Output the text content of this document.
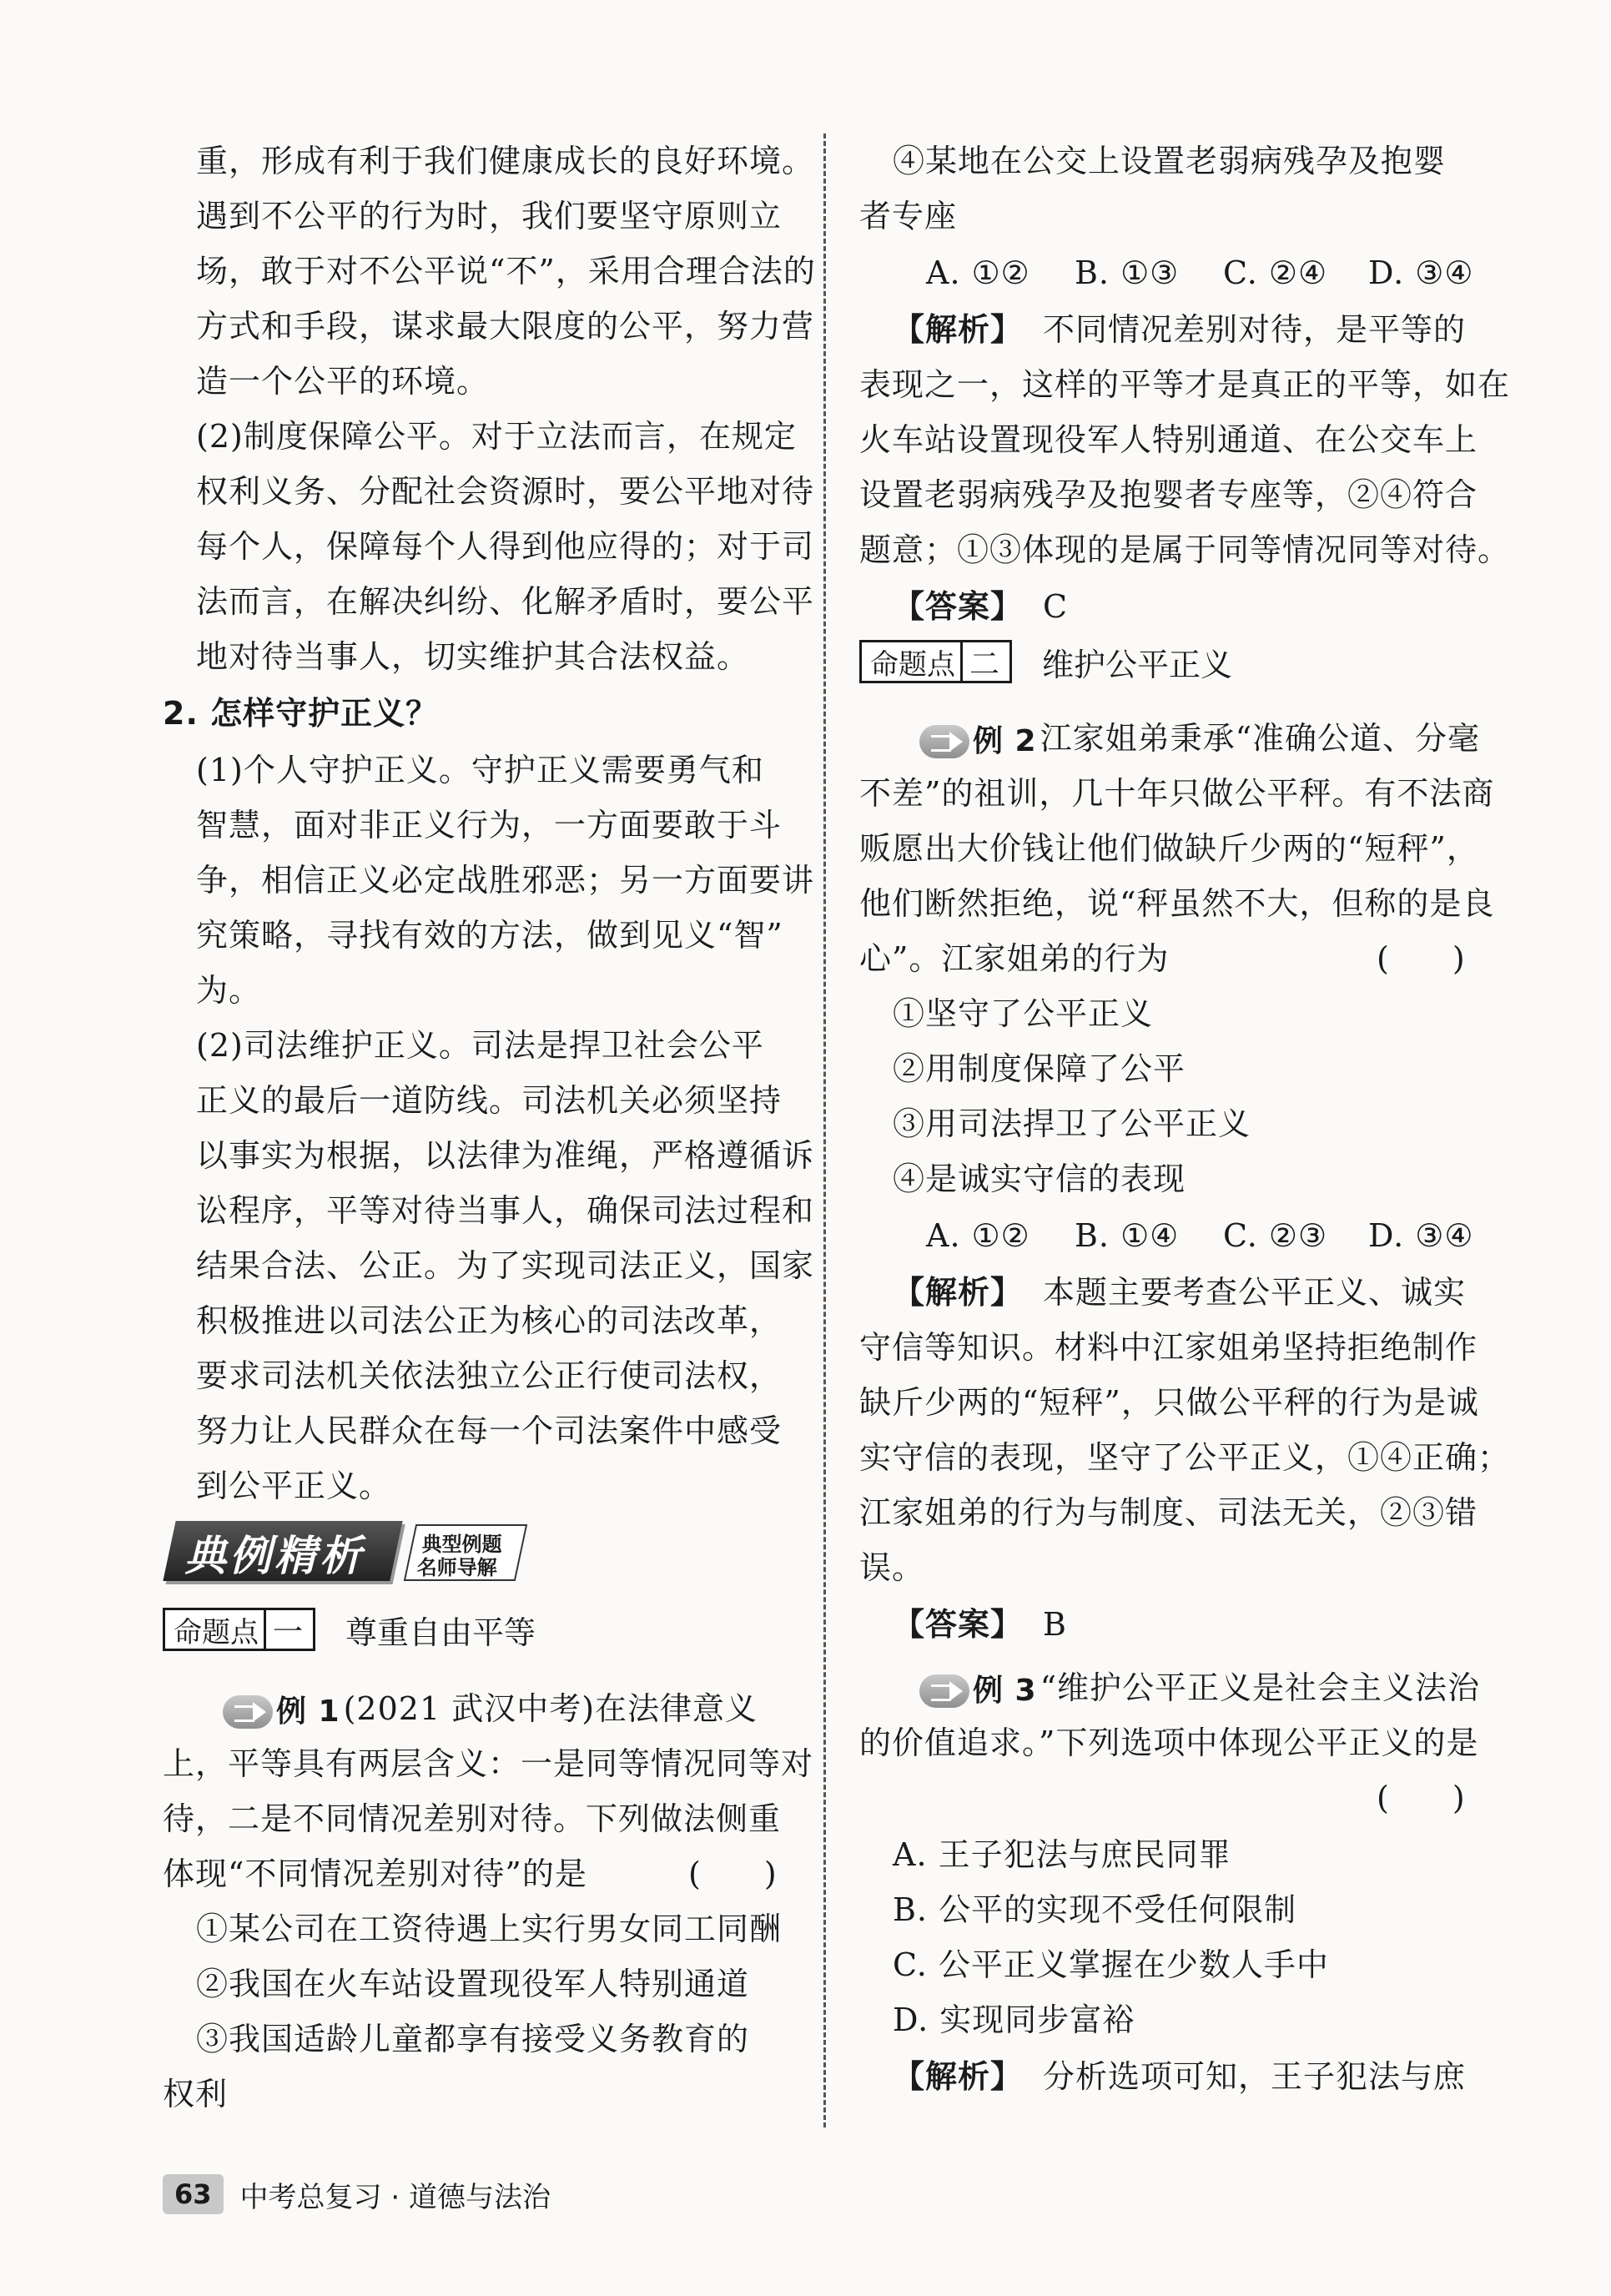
重，形成有利于我们健康成长的良好环境。
遇到不公平的行为时，我们要坚守原则立
场，敢于对不公平说“不”，采用合理合法的
方式和手段，谋求最大限度的公平，努力营
造一个公平的环境。
(2)制度保障公平。对于立法而言，在规定
权利义务、分配社会资源时，要公平地对待
每个人，保障每个人得到他应得的；对于司
法而言，在解决纠纷、化解矛盾时，要公平
地对待当事人，切实维护其合法权益。
2. 怎样守护正义？
(1)个人守护正义。守护正义需要勇气和
智慧，面对非正义行为，一方面要敢于斗
争，相信正义必定战胜邪恶；另一方面要讲
究策略，寻找有效的方法，做到见义“智”
为。
(2)司法维护正义。司法是捍卫社会公平
正义的最后一道防线。司法机关必须坚持
以事实为根据，以法律为准绳，严格遵循诉
讼程序，平等对待当事人，确保司法过程和
结果合法、公正。为了实现司法正义，国家
积极推进以司法公正为核心的司法改革，
要求司法机关依法独立公正行使司法权，
努力让人民群众在每一个司法案件中感受
到公平正义。
典例精析	典型例题
名师导解
命题点 一 尊重自由平等
例 1 (2021 武汉中考)在法律意义
上，平等具有两层含义：一是同等情况同等对
待，二是不同情况差别对待。下列做法侧重
体现“不同情况差别对待”的是	(　　)
①某公司在工资待遇上实行男女同工同酬
②我国在火车站设置现役军人特别通道
③我国适龄儿童都享有接受义务教育的
权利
④某地在公交上设置老弱病残孕及抱婴
者专座
A. ①② B. ①③ C. ②④ D. ③④
【解析】 不同情况差别对待，是平等的
表现之一，这样的平等才是真正的平等，如在
火车站设置现役军人特别通道、在公交车上
设置老弱病残孕及抱婴者专座等，②④符合
题意；①③体现的是属于同等情况同等对待。
【答案】 C
命题点 二 维护公平正义
例 2 江家姐弟秉承“准确公道、分毫
不差”的祖训，几十年只做公平秤。有不法商
贩愿出大价钱让他们做缺斤少两的“短秤”，
他们断然拒绝，说“秤虽然不大，但称的是良
心”。江家姐弟的行为	(　　)
①坚守了公平正义
②用制度保障了公平
③用司法捍卫了公平正义
④是诚实守信的表现
A. ①② B. ①④ C. ②③ D. ③④
【解析】 本题主要考查公平正义、诚实
守信等知识。材料中江家姐弟坚持拒绝制作
缺斤少两的“短秤”，只做公平秤的行为是诚
实守信的表现，坚守了公平正义，①④正确；
江家姐弟的行为与制度、司法无关，②③错
误。
【答案】 B
例 3 “维护公平正义是社会主义法治
的价值追求。”下列选项中体现公平正义的是
(　　)
A. 王子犯法与庶民同罪
B. 公平的实现不受任何限制
C. 公平正义掌握在少数人手中
D. 实现同步富裕
【解析】 分析选项可知，王子犯法与庶
63	中考总复习 · 道德与法治
